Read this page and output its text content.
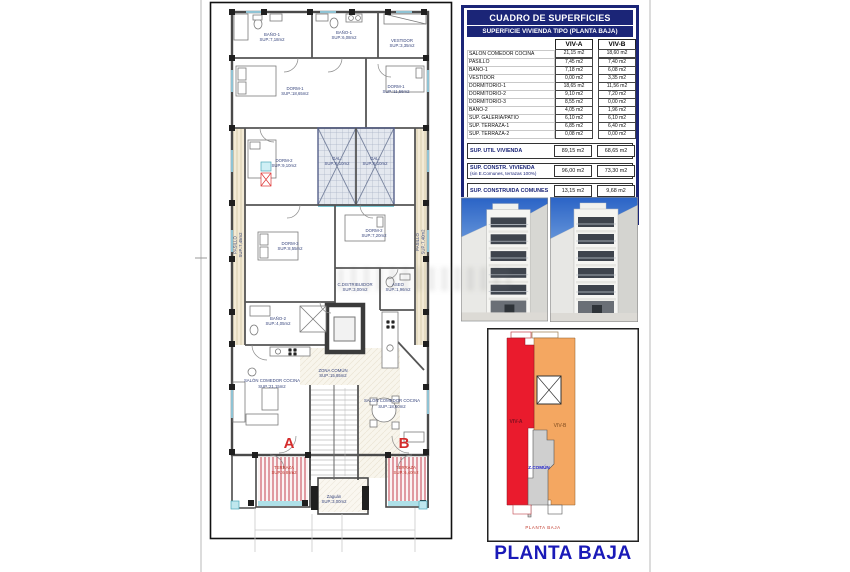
BAÑO-1
SUP.:7,18m2
BAÑO-1
SUP.:6,08m2
VESTIDOR
SUP.:3,35m2
DORM-1
SUP.:18,65m2
DORM-1
SUP.:11,56m2
DORM-2
SUP.:9,10m2
GAL.
SUP.:6,10m2
GAL.
SUP.:6,10m2
PASILLO SUP.:7,45m2	PASILLO SUP.:7,40m2
DORM-3
SUP.:8,55m2
DORM-2
SUP.:7,20m2
BAÑO-2
SUP.:4,05m2
C.DISTRIBUIDOR
SUP.:3,00m2
ASEO
SUP.:1,96m2
ZONA COMÚN
SUP.:15,85m2
SALÓN COMEDOR COCINA
SUP.:21,15m2
SALÓN COMEDOR COCINA
SUP.:18,60m2
Zaguán
SUP.:3,00m2
TERRAZA
SUP.:6,85m2
TERRAZA
SUP.:6,40m2
A	B
CUADRO DE SUPERFICIES
SUPERFICIE VIVIENDA TIPO (PLANTA BAJA)
VIV-A	VIV-B
SALON COMEDOR COCINA	21,15 m2	18,60 m2
PASILLO	7,45 m2	7,40 m2
BAÑO-1	7,18 m2	6,08 m2
VESTIDOR	0,00 m2	3,35 m2
DORMITORIO-1	18,65 m2	11,56 m2
DORMITORIO-2	9,10 m2	7,20 m2
DORMITORIO-3	8,55 m2	0,00 m2
BAÑO-2	4,05 m2	1,96 m2
SUP. GALERIA/PATIO	6,10 m2	6,10 m2
SUP. TERRAZA-1	6,85 m2	6,40 m2
SUP. TERRAZA-2	0,08 m2	0,00 m2
SUP. UTIL VIVIENDA	89,15 m2	68,65 m2
SUP. CONSTR. VIVIENDA
(sin E.Comunes, terrazas 100%)	96,00 m2	73,30 m2
SUP. CONSTRUIDA COMUNES	13,15 m2	9,68 m2
VIV-A
VIV-B
Z.COMÚN
PLANTA BAJA
PLANTA BAJA
